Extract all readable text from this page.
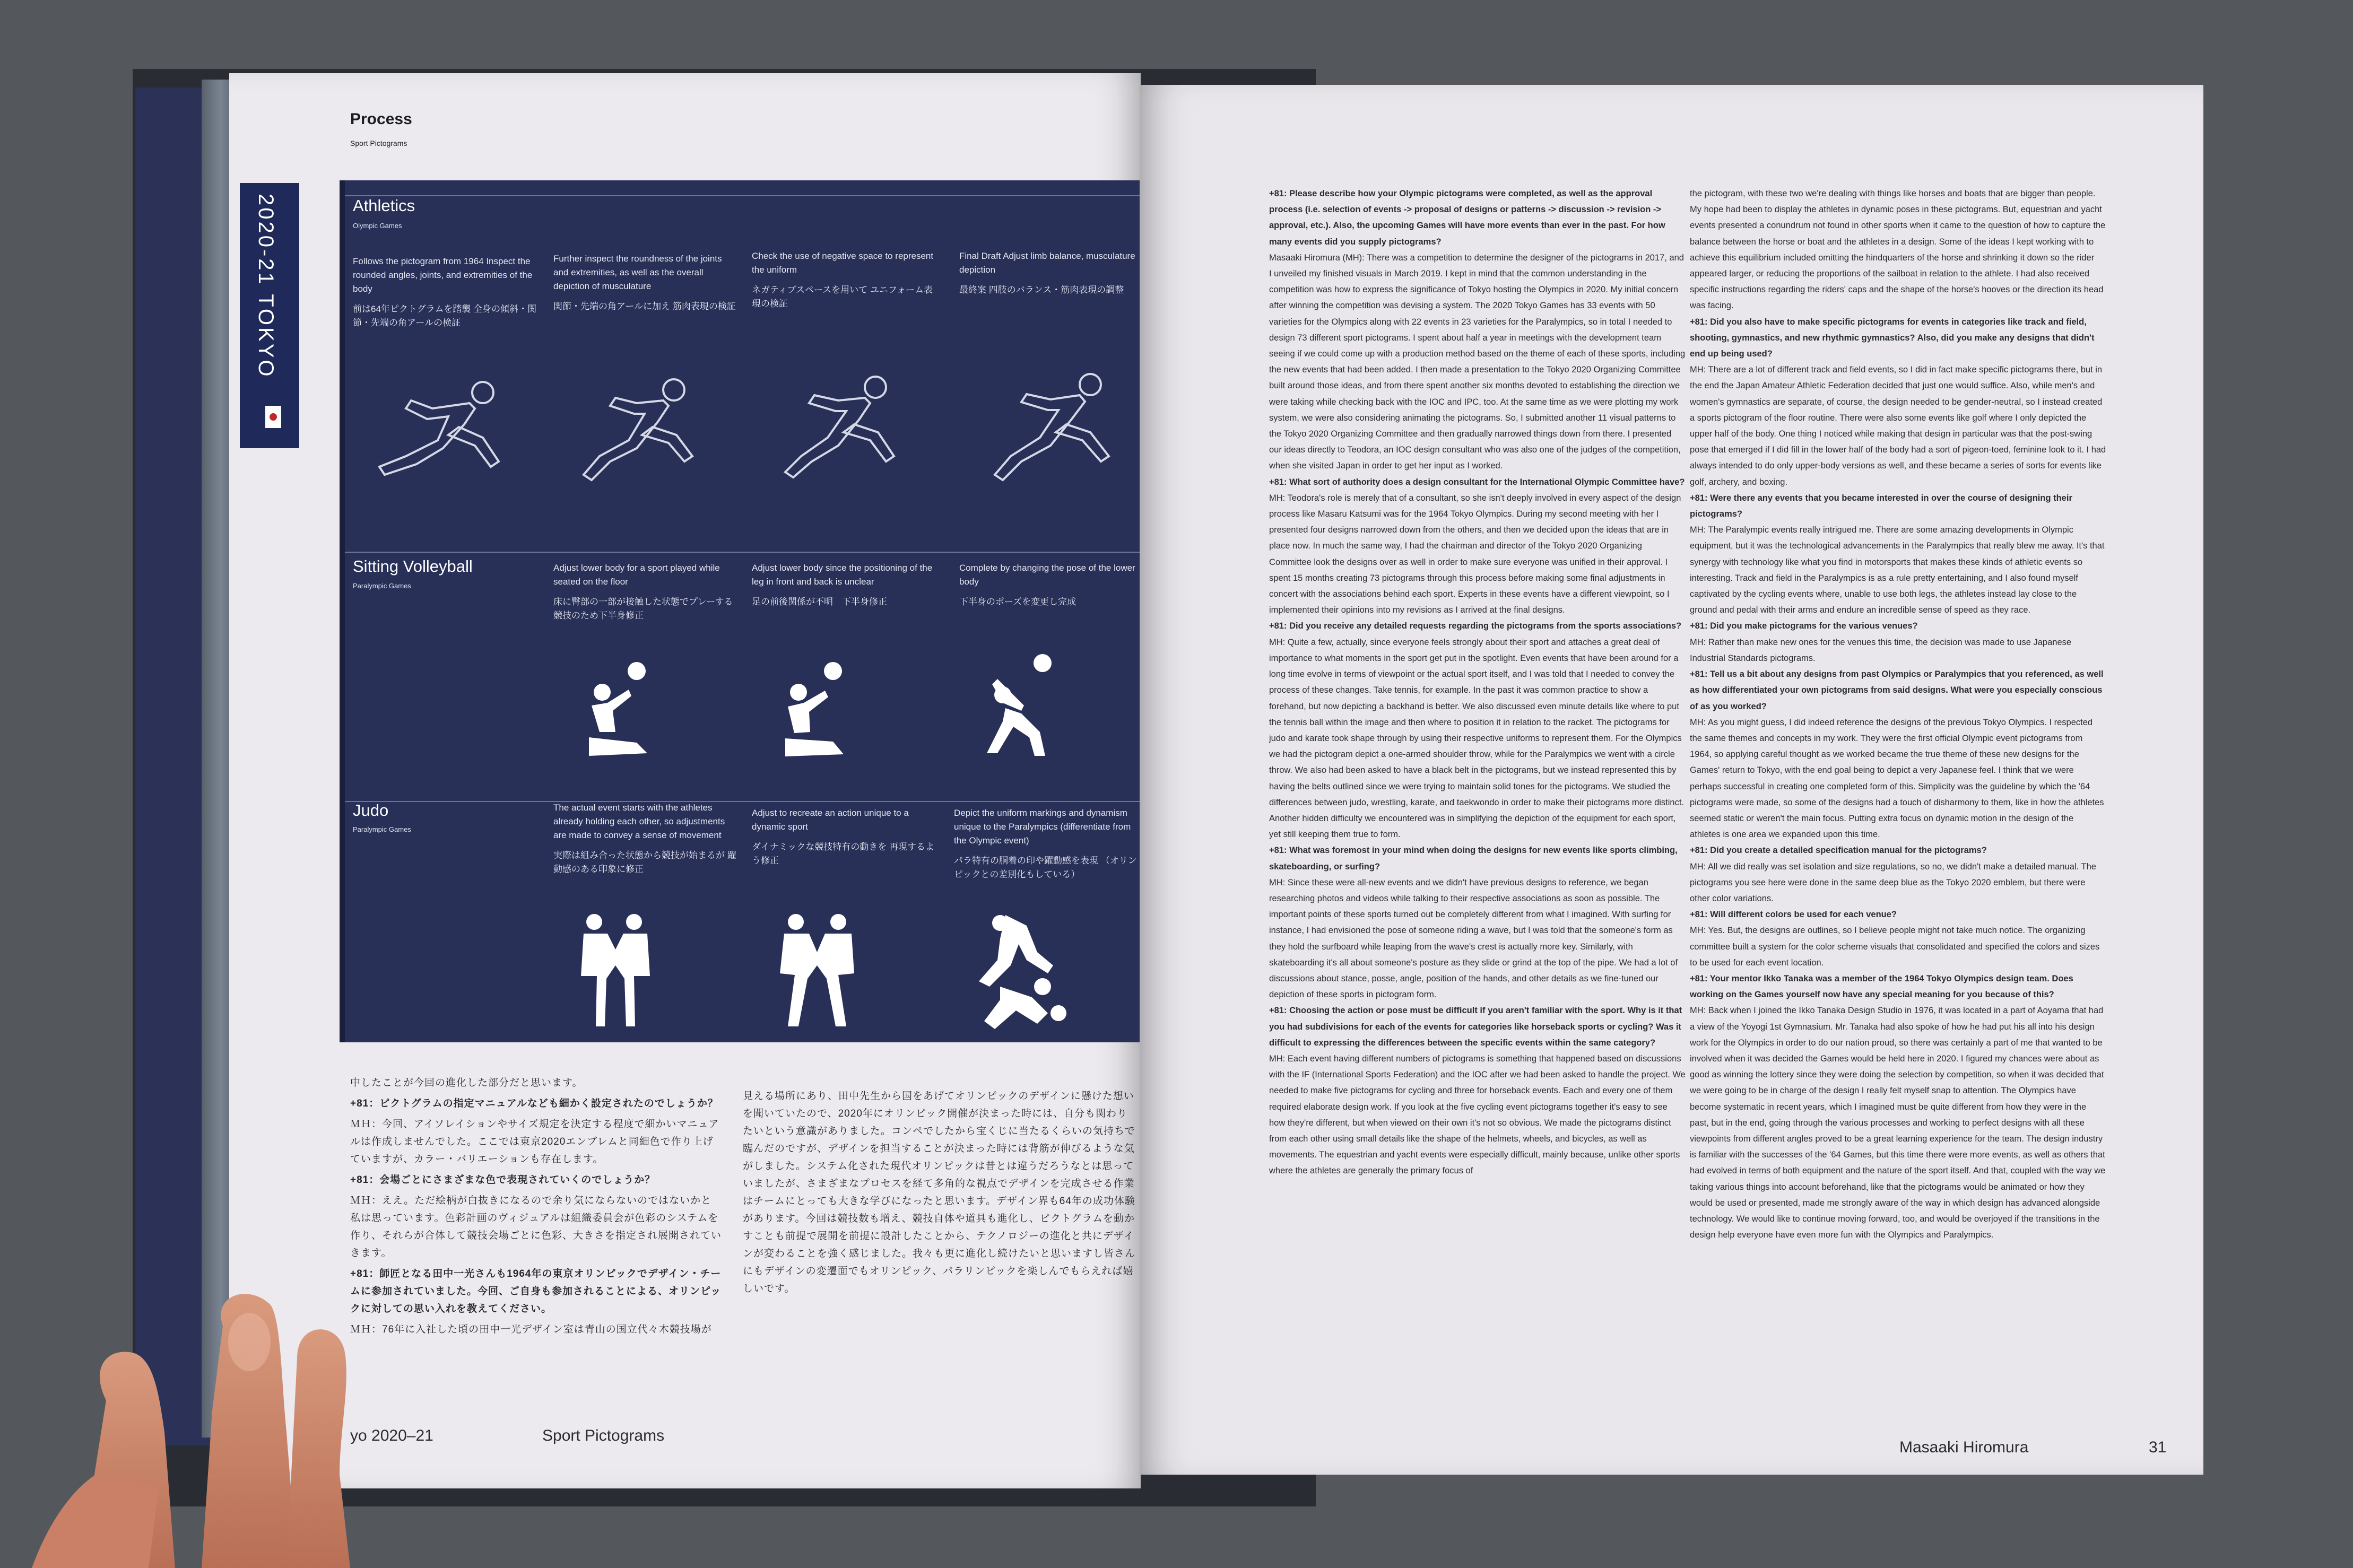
2020-21 TOKYO
Process
Sport Pictograms
Athletics
Olympic Games
Follows the pictogram from 1964 Inspect the rounded angles, joints, and extremities of the body
前は64年ピクトグラムを踏襲 全身の傾斜・関節・先端の角アールの検証
Further inspect the roundness of the joints and extremities, as well as the overall depiction of musculature
関節・先端の角アールに加え 筋肉表現の検証
Check the use of negative space to represent the uniform
ネガティブスペースを用いて ユニフォーム表現の検証
Final Draft Adjust limb balance, musculature depiction
最終案 四肢のバランス・筋肉表現の調整
Sitting Volleyball
Paralympic Games
Adjust lower body for a sport played while seated on the floor
床に臀部の一部が接触した状態でプレーする 競技のため下半身修正
Adjust lower body since the positioning of the leg in front and back is unclear
足の前後関係が不明　下半身修正
Complete by changing the pose of the lower body
下半身のポーズを変更し完成
Judo
Paralympic Games
The actual event starts with the athletes already holding each other, so adjustments are made to convey a sense of movement
実際は組み合った状態から競技が始まるが 躍動感のある印象に修正
Adjust to recreate an action unique to a dynamic sport
ダイナミックな競技特有の動きを 再現するよう修正
Depict the uniform markings and dynamism unique to the Paralympics (differentiate from the Olympic event)
パラ特有の胴着の印や躍動感を表現 （オリンピックとの差別化もしている）

中したことが今回の進化した部分だと思います。

+81：ピクトグラムの指定マニュアルなども細かく設定されたのでしょうか？

ＭＨ：今回、アイソレイションやサイズ規定を決定する程度で細かいマニュアルは作成しませんでした。ここでは東京2020エンブレムと同細色で作り上げていますが、カラー・バリエーションも存在します。

+81：会場ごとにさまざまな色で表現されていくのでしょうか？

ＭＨ：ええ。ただ絵柄が白抜きになるので余り気にならないのではないかと私は思っています。色彩計画のヴィジュアルは組織委員会が色彩のシステムを作り、それらが合体して競技会場ごとに色彩、大きさを指定され展開されていきます。

+81：師匠となる田中一光さんも1964年の東京オリンピックでデザイン・チームに参加されていました。今回、ご自身も参加されることによる、オリンピックに対しての思い入れを教えてください。

ＭＨ：76年に入社した頃の田中一光デザイン室は青山の国立代々木競技場が

見える場所にあり、田中先生から国をあげてオリンピックのデザインに懸けた想いを聞いていたので、2020年にオリンピック開催が決まった時には、自分も関わりたいという意識がありました。コンペでしたから宝くじに当たるくらいの気持ちで臨んだのですが、デザインを担当することが決まった時には背筋が伸びるような気がしました。システム化された現代オリンピックは昔とは違うだろうなとは思っていましたが、さまざまなプロセスを経て多角的な視点でデザインを完成させる作業はチームにとっても大きな学びになったと思います。デザイン界も64年の成功体験があります。今回は競技数も増え、競技自体や道具も進化し、ピクトグラムを動かすことも前提で展開を前提に設計したことから、テクノロジーの進化と共にデザインが変わることを強く感じました。我々も更に進化し続けたいと思いますし皆さんにもデザインの変遷面でもオリンピック、パラリンピックを楽しんでもらえれば嬉しいです。

yo 2020–21	Sport Pictograms

+81: Please describe how your Olympic pictograms were completed, as well as the approval process (i.e. selection of events -> proposal of designs or patterns -> discussion -> revision -> approval, etc.). Also, the upcoming Games will have more events than ever in the past. For how many events did you supply pictograms?

Masaaki Hiromura (MH): There was a competition to determine the designer of the pictograms in 2017, and I unveiled my finished visuals in March 2019. I kept in mind that the common understanding in the competition was how to express the significance of Tokyo hosting the Olympics in 2020. My initial concern after winning the competition was devising a system. The 2020 Tokyo Games has 33 events with 50 varieties for the Olympics along with 22 events in 23 varieties for the Paralympics, so in total I needed to design 73 different sport pictograms. I spent about half a year in meetings with the development team seeing if we could come up with a production method based on the theme of each of these sports, including the new events that had been added. I then made a presentation to the Tokyo 2020 Organizing Committee built around those ideas, and from there spent another six months devoted to establishing the direction we were taking while checking back with the IOC and IPC, too. At the same time as we were plotting my work system, we were also considering animating the pictograms. So, I submitted another 11 visual patterns to the Tokyo 2020 Organizing Committee and then gradually narrowed things down from there. I presented our ideas directly to Teodora, an IOC design consultant who was also one of the judges of the competition, when she visited Japan in order to get her input as I worked.

+81: What sort of authority does a design consultant for the International Olympic Committee have?

MH: Teodora's role is merely that of a consultant, so she isn't deeply involved in every aspect of the design process like Masaru Katsumi was for the 1964 Tokyo Olympics. During my second meeting with her I presented four designs narrowed down from the others, and then we decided upon the ideas that are in place now. In much the same way, I had the chairman and director of the Tokyo 2020 Organizing Committee look the designs over as well in order to make sure everyone was unified in their approval. I spent 15 months creating 73 pictograms through this process before making some final adjustments in concert with the associations behind each sport. Experts in these events have a different viewpoint, so I implemented their opinions into my revisions as I arrived at the final designs.

+81: Did you receive any detailed requests regarding the pictograms from the sports associations?

MH: Quite a few, actually, since everyone feels strongly about their sport and attaches a great deal of importance to what moments in the sport get put in the spotlight. Even events that have been around for a long time evolve in terms of viewpoint or the actual sport itself, and I was told that I needed to convey the process of these changes. Take tennis, for example. In the past it was common practice to show a forehand, but now depicting a backhand is better. We also discussed even minute details like where to put the tennis ball within the image and then where to position it in relation to the racket. The pictograms for judo and karate took shape through by using their respective uniforms to represent them. For the Olympics we had the pictogram depict a one-armed shoulder throw, while for the Paralympics we went with a circle throw. We also had been asked to have a black belt in the pictograms, but we instead represented this by having the belts outlined since we were trying to maintain solid tones for the pictograms. We studied the differences between judo, wrestling, karate, and taekwondo in order to make their pictograms more distinct. Another hidden difficulty we encountered was in simplifying the depiction of the equipment for each sport, yet still keeping them true to form.

+81: What was foremost in your mind when doing the designs for new events like sports climbing, skateboarding, or surfing?

MH: Since these were all-new events and we didn't have previous designs to reference, we began researching photos and videos while talking to their respective associations as soon as possible. The important points of these sports turned out be completely different from what I imagined. With surfing for instance, I had envisioned the pose of someone riding a wave, but I was told that the someone's form as they hold the surfboard while leaping from the wave's crest is actually more key. Similarly, with skateboarding it's all about someone's posture as they slide or grind at the top of the pipe. We had a lot of discussions about stance, posse, angle, position of the hands, and other details as we fine-tuned our depiction of these sports in pictogram form.

+81: Choosing the action or pose must be difficult if you aren't familiar with the sport. Why is it that you had subdivisions for each of the events for categories like horseback sports or cycling? Was it difficult to expressing the differences between the specific events within the same category?

MH: Each event having different numbers of pictograms is something that happened based on discussions with the IF (International Sports Federation) and the IOC after we had been asked to handle the project. We needed to make five pictograms for cycling and three for horseback events. Each and every one of them required elaborate design work. If you look at the five cycling event pictograms together it's easy to see how they're different, but when viewed on their own it's not so obvious. We made the pictograms distinct from each other using small details like the shape of the helmets, wheels, and bicycles, as well as movements. The equestrian and yacht events were especially difficult, mainly because, unlike other sports where the athletes are generally the primary focus of

the pictogram, with these two we're dealing with things like horses and boats that are bigger than people. My hope had been to display the athletes in dynamic poses in these pictograms. But, equestrian and yacht events presented a conundrum not found in other sports when it came to the question of how to capture the balance between the horse or boat and the athletes in a design. Some of the ideas I kept working with to achieve this equilibrium included omitting the hindquarters of the horse and shrinking it down so the rider appeared larger, or reducing the proportions of the sailboat in relation to the athlete. I had also received specific instructions regarding the riders' caps and the shape of the horse's hooves or the direction its head was facing.

+81: Did you also have to make specific pictograms for events in categories like track and field, shooting, gymnastics, and new rhythmic gymnastics? Also, did you make any designs that didn't end up being used?

MH: There are a lot of different track and field events, so I did in fact make specific pictograms there, but in the end the Japan Amateur Athletic Federation decided that just one would suffice. Also, while men's and women's gymnastics are separate, of course, the design needed to be gender-neutral, so I instead created a sports pictogram of the floor routine. There were also some events like golf where I only depicted the upper half of the body. One thing I noticed while making that design in particular was that the post-swing pose that emerged if I did fill in the lower half of the body had a sort of pigeon-toed, feminine look to it. I had always intended to do only upper-body versions as well, and these became a series of sorts for events like golf, archery, and boxing.

+81: Were there any events that you became interested in over the course of designing their pictograms?

MH: The Paralympic events really intrigued me. There are some amazing developments in Olympic equipment, but it was the technological advancements in the Paralympics that really blew me away. It's that synergy with technology like what you find in motorsports that makes these kinds of athletic events so interesting. Track and field in the Paralympics is as a rule pretty entertaining, and I also found myself captivated by the cycling events where, unable to use both legs, the athletes instead lay close to the ground and pedal with their arms and endure an incredible sense of speed as they race.

+81: Did you make pictograms for the various venues?

MH: Rather than make new ones for the venues this time, the decision was made to use Japanese Industrial Standards pictograms.

+81: Tell us a bit about any designs from past Olympics or Paralympics that you referenced, as well as how differentiated your own pictograms from said designs. What were you especially conscious of as you worked?

MH: As you might guess, I did indeed reference the designs of the previous Tokyo Olympics. I respected the same themes and concepts in my work. They were the first official Olympic event pictograms from 1964, so applying careful thought as we worked became the true theme of these new designs for the Games' return to Tokyo, with the end goal being to depict a very Japanese feel. I think that we were perhaps successful in creating one completed form of this. Simplicity was the guideline by which the '64 pictograms were made, so some of the designs had a touch of disharmony to them, like in how the athletes seemed static or weren't the main focus. Putting extra focus on dynamic motion in the design of the athletes is one area we expanded upon this time.

+81: Did you create a detailed specification manual for the pictograms?

MH: All we did really was set isolation and size regulations, so no, we didn't make a detailed manual. The pictograms you see here were done in the same deep blue as the Tokyo 2020 emblem, but there were other color variations.

+81: Will different colors be used for each venue?

MH: Yes. But, the designs are outlines, so I believe people might not take much notice. The organizing committee built a system for the color scheme visuals that consolidated and specified the colors and sizes to be used for each event location.

+81: Your mentor Ikko Tanaka was a member of the 1964 Tokyo Olympics design team. Does working on the Games yourself now have any special meaning for you because of this?

MH: Back when I joined the Ikko Tanaka Design Studio in 1976, it was located in a part of Aoyama that had a view of the Yoyogi 1st Gymnasium. Mr. Tanaka had also spoke of how he had put his all into his design work for the Olympics in order to do our nation proud, so there was certainly a part of me that wanted to be involved when it was decided the Games would be held here in 2020. I figured my chances were about as good as winning the lottery since they were doing the selection by competition, so when it was decided that we were going to be in charge of the design I really felt myself snap to attention. The Olympics have become systematic in recent years, which I imagined must be quite different from how they were in the past, but in the end, going through the various processes and working to perfect designs with all these viewpoints from different angles proved to be a great learning experience for the team. The design industry is familiar with the successes of the '64 Games, but this time there were more events, as well as others that had evolved in terms of both equipment and the nature of the sport itself. And that, coupled with the way we taking various things into account beforehand, like that the pictograms would be animated or how they would be used or presented, made me strongly aware of the way in which design has advanced alongside technology. We would like to continue moving forward, too, and would be overjoyed if the transitions in the design help everyone have even more fun with the Olympics and Paralympics.

Masaaki Hiromura	31
